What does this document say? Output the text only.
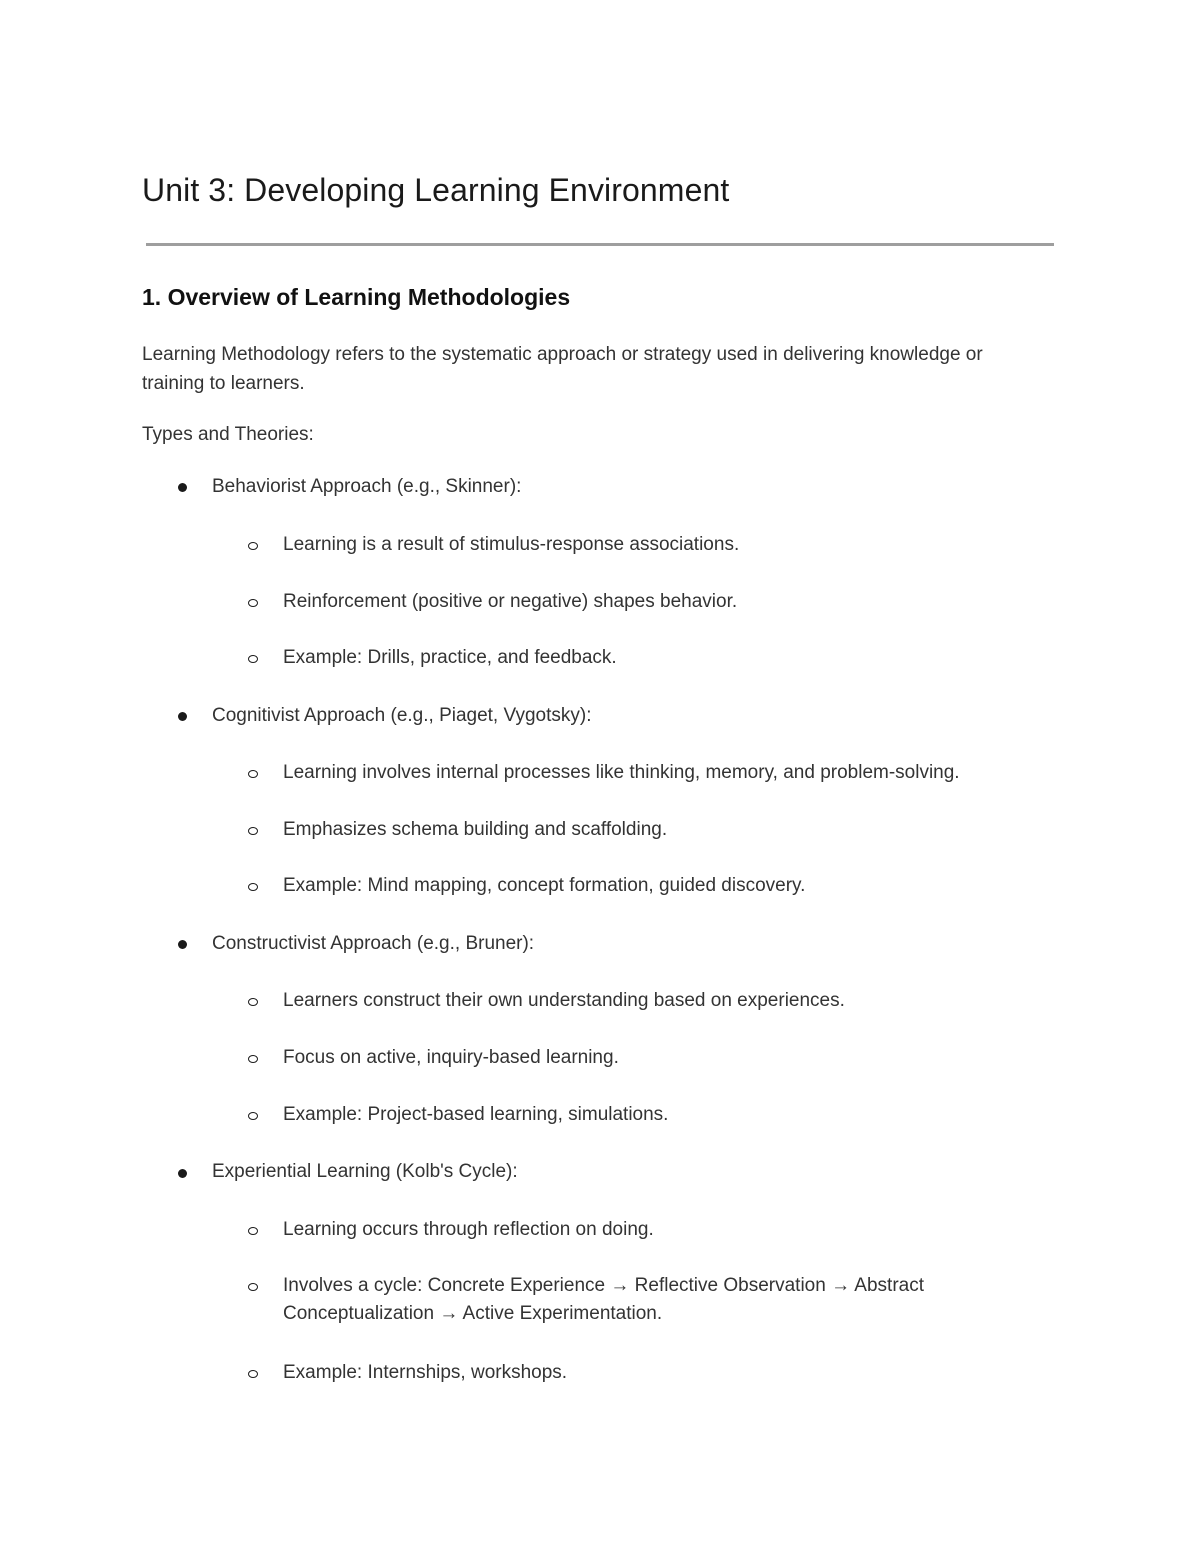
Unit 3: Developing Learning Environment
1. Overview of Learning Methodologies

Learning Methodology refers to the systematic approach or strategy used in delivering knowledge or training to learners.

Types and Theories:

Behaviorist Approach (e.g., Skinner):
Learning is a result of stimulus-response associations.
Reinforcement (positive or negative) shapes behavior.
Example: Drills, practice, and feedback.
Cognitivist Approach (e.g., Piaget, Vygotsky):
Learning involves internal processes like thinking, memory, and problem-solving.
Emphasizes schema building and scaffolding.
Example: Mind mapping, concept formation, guided discovery.
Constructivist Approach (e.g., Bruner):
Learners construct their own understanding based on experiences.
Focus on active, inquiry-based learning.
Example: Project-based learning, simulations.
Experiential Learning (Kolb's Cycle):
Learning occurs through reflection on doing.
Involves a cycle: Concrete Experience → Reflective Observation → Abstract Conceptualization → Active Experimentation.
Example: Internships, workshops.
